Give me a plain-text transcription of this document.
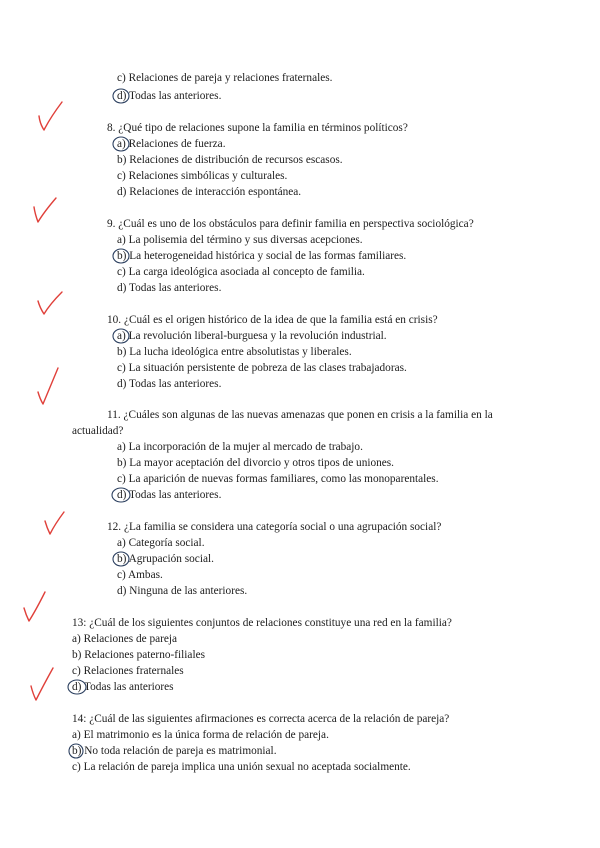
c) Relaciones de pareja y relaciones fraternales.
d) Todas las anteriores.
8. ¿Qué tipo de relaciones supone la familia en términos políticos?
a) Relaciones de fuerza.
b) Relaciones de distribución de recursos escasos.
c) Relaciones simbólicas y culturales.
d) Relaciones de interacción espontánea.
9. ¿Cuál es uno de los obstáculos para definir familia en perspectiva sociológica?
a) La polisemia del término y sus diversas acepciones.
b) La heterogeneidad histórica y social de las formas familiares.
c) La carga ideológica asociada al concepto de familia.
d) Todas las anteriores.
10. ¿Cuál es el origen histórico de la idea de que la familia está en crisis?
a) La revolución liberal-burguesa y la revolución industrial.
b) La lucha ideológica entre absolutistas y liberales.
c) La situación persistente de pobreza de las clases trabajadoras.
d) Todas las anteriores.
11. ¿Cuáles son algunas de las nuevas amenazas que ponen en crisis a la familia en la
actualidad?
a) La incorporación de la mujer al mercado de trabajo.
b) La mayor aceptación del divorcio y otros tipos de uniones.
c) La aparición de nuevas formas familiares, como las monoparentales.
d) Todas las anteriores.
12. ¿La familia se considera una categoría social o una agrupación social?
a) Categoría social.
b) Agrupación social.
c) Ambas.
d) Ninguna de las anteriores.
13: ¿Cuál de los siguientes conjuntos de relaciones constituye una red en la familia?
a) Relaciones de pareja
b) Relaciones paterno-filiales
c) Relaciones fraternales
d) Todas las anteriores
14: ¿Cuál de las siguientes afirmaciones es correcta acerca de la relación de pareja?
a) El matrimonio es la única forma de relación de pareja.
b) No toda relación de pareja es matrimonial.
c) La relación de pareja implica una unión sexual no aceptada socialmente.
